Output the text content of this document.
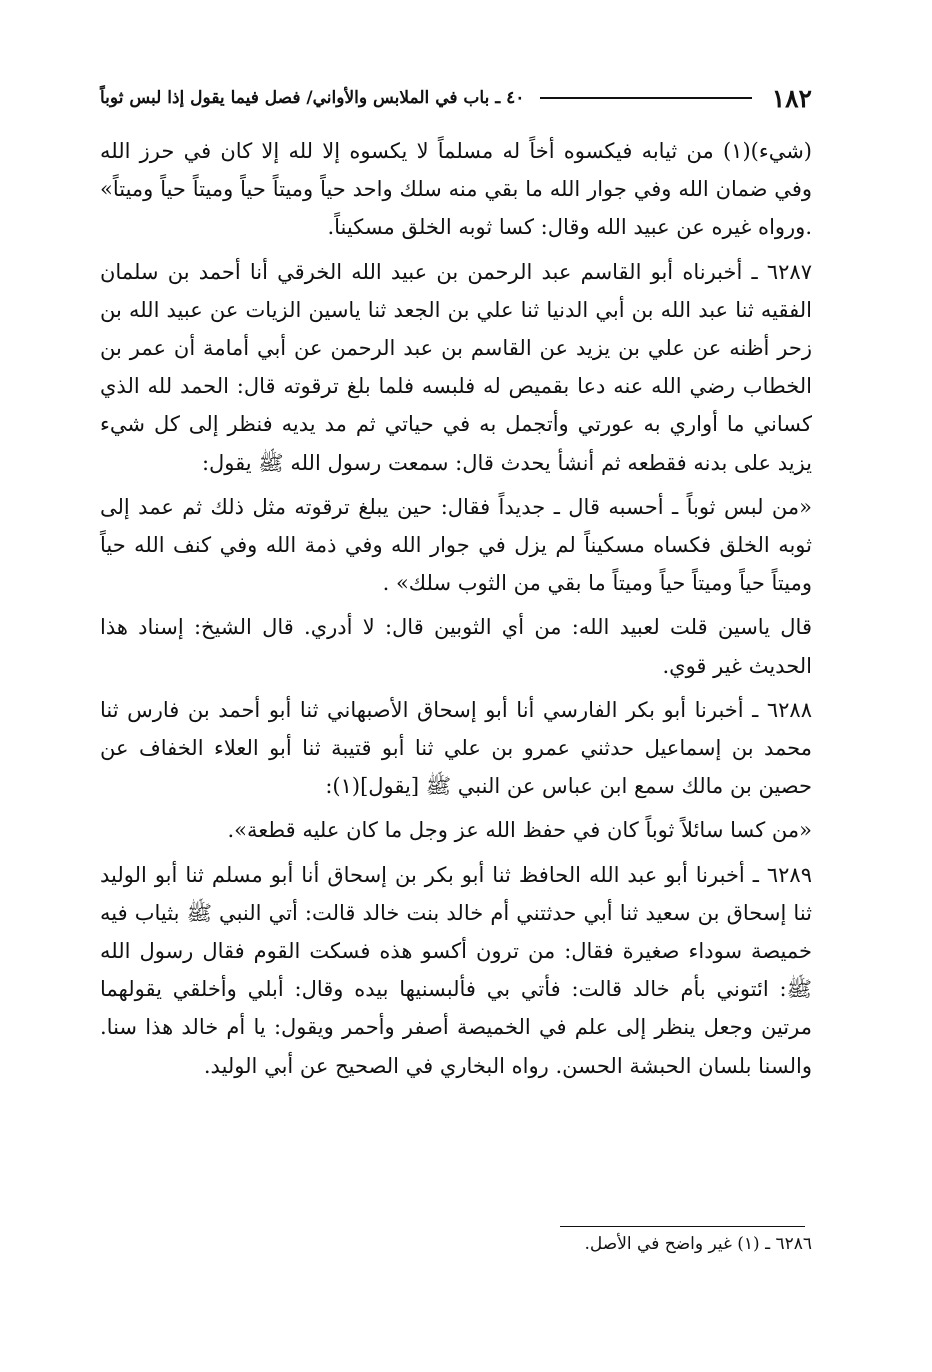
١٨٢
٤٠ ـ باب في الملابس والأواني/ فصل فيما يقول إذا لبس ثوباً

(شيء)(١) من ثيابه فيكسوه أخاً له مسلماً لا يكسوه إلا لله إلا كان في حرز الله وفي ضمان الله وفي جوار الله ما بقي منه سلك واحد حياً وميتاً حياً وميتاً حياً وميتاً» .ورواه غيره عن عبيد الله وقال: كسا ثوبه الخلق مسكيناً.

٦٢٨٧ ـ أخبرناه أبو القاسم عبد الرحمن بن عبيد الله الخرقي أنا أحمد بن سلمان الفقيه ثنا عبد الله بن أبي الدنيا ثنا علي بن الجعد ثنا ياسين الزيات عن عبيد الله بن زحر أظنه عن علي بن يزيد عن القاسم بن عبد الرحمن عن أبي أمامة أن عمر بن الخطاب رضي الله عنه دعا بقميص له فلبسه فلما بلغ ترقوته قال: الحمد لله الذي كساني ما أواري به عورتي وأتجمل به في حياتي ثم مد يديه فنظر إلى كل شيء يزيد على بدنه فقطعه ثم أنشأ يحدث قال: سمعت رسول الله ﷺ يقول:

«من لبس ثوباً ـ أحسبه قال ـ جديداً فقال: حين يبلغ ترقوته مثل ذلك ثم عمد إلى ثوبه الخلق فكساه مسكيناً لم يزل في جوار الله وفي ذمة الله وفي كنف الله حياً وميتاً حياً وميتاً حياً وميتاً ما بقي من الثوب سلك» .

قال ياسين قلت لعبيد الله: من أي الثوبين قال: لا أدري. قال الشيخ: إسناد هذا الحديث غير قوي.

٦٢٨٨ ـ أخبرنا أبو بكر الفارسي أنا أبو إسحاق الأصبهاني ثنا أبو أحمد بن فارس ثنا محمد بن إسماعيل حدثني عمرو بن علي ثنا أبو قتيبة ثنا أبو العلاء الخفاف عن حصين بن مالك سمع ابن عباس عن النبي ﷺ [يقول](١):

«من كسا سائلاً ثوباً كان في حفظ الله عز وجل ما كان عليه قطعة».

٦٢٨٩ ـ أخبرنا أبو عبد الله الحافظ ثنا أبو بكر بن إسحاق أنا أبو مسلم ثنا أبو الوليد ثنا إسحاق بن سعيد ثنا أبي حدثتني أم خالد بنت خالد قالت: أتي النبي ﷺ بثياب فيه خميصة سوداء صغيرة فقال: من ترون أكسو هذه فسكت القوم فقال رسول الله ﷺ: ائتوني بأم خالد قالت: فأتي بي فألبسنيها بيده وقال: أبلي وأخلقي يقولهما مرتين وجعل ينظر إلى علم في الخميصة أصفر وأحمر ويقول: يا أم خالد هذا سنا. والسنا بلسان الحبشة الحسن. رواه البخاري في الصحيح عن أبي الوليد.

٦٢٨٦ ـ (١) غير واضح في الأصل.
